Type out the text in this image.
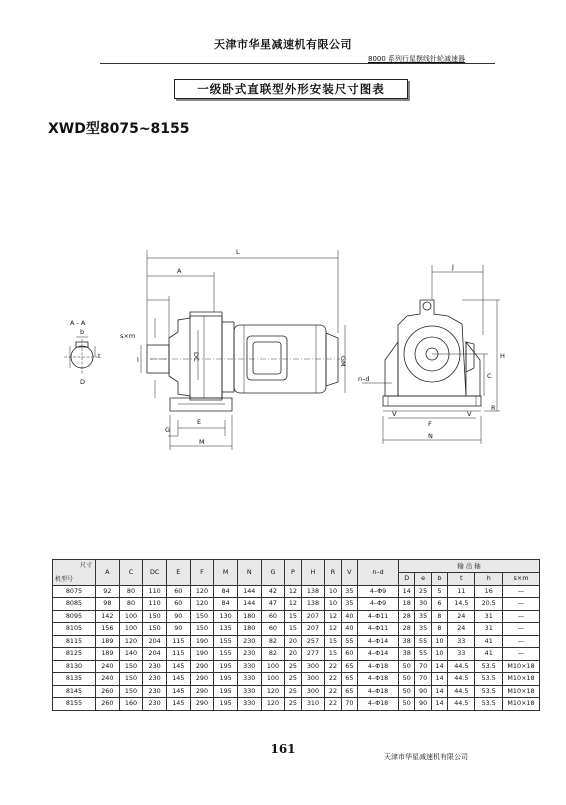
天津市华星减速机有限公司
8000 系列行星摆线针轮减速器
一级卧式直联型外形安装尺寸图表
XWD型8075~8155
A - A
b
t
D
s×m
l
L
A
DC	GM
E
G
M
J
H
C
R
V	V
F
N
n–d
尺寸
机型号	A	C	DC	E	F	M	N	G	P	H	R	V	n–d	输 出 轴					
														D	e	b	t	h	s×m
8075	92	80	110	60	120	84	144	42	12	138	10	35	4–Φ9	14	25	5	11	16	—
8085	98	80	110	60	120	84	144	47	12	138	10	35	4–Φ9	18	30	6	14.5	20.5	—
8095	142	100	150	90	150	130	180	60	15	207	12	40	4–Φ11	28	35	8	24	31	—
8105	156	100	150	90	150	135	180	60	15	207	12	40	4–Φ11	28	35	8	24	31	—
8115	189	120	204	115	190	155	230	82	20	257	15	55	4–Φ14	38	55	10	33	41	—
8125	189	140	204	115	190	155	230	82	20	277	15	60	4–Φ14	38	55	10	33	41	—
8130	240	150	230	145	290	195	330	100	25	300	22	65	4–Φ18	50	70	14	44.5	53.5	M10×18
8135	240	150	230	145	290	195	330	100	25	300	22	65	4–Φ18	50	70	14	44.5	53.5	M10×18
8145	260	150	230	145	290	195	330	120	25	300	22	65	4–Φ18	50	90	14	44.5	53.5	M10×18
8155	260	160	230	145	290	195	330	120	25	310	22	70	4–Φ18	50	90	14	44.5	53.5	M10×18
161
天津市华星减速机有限公司
